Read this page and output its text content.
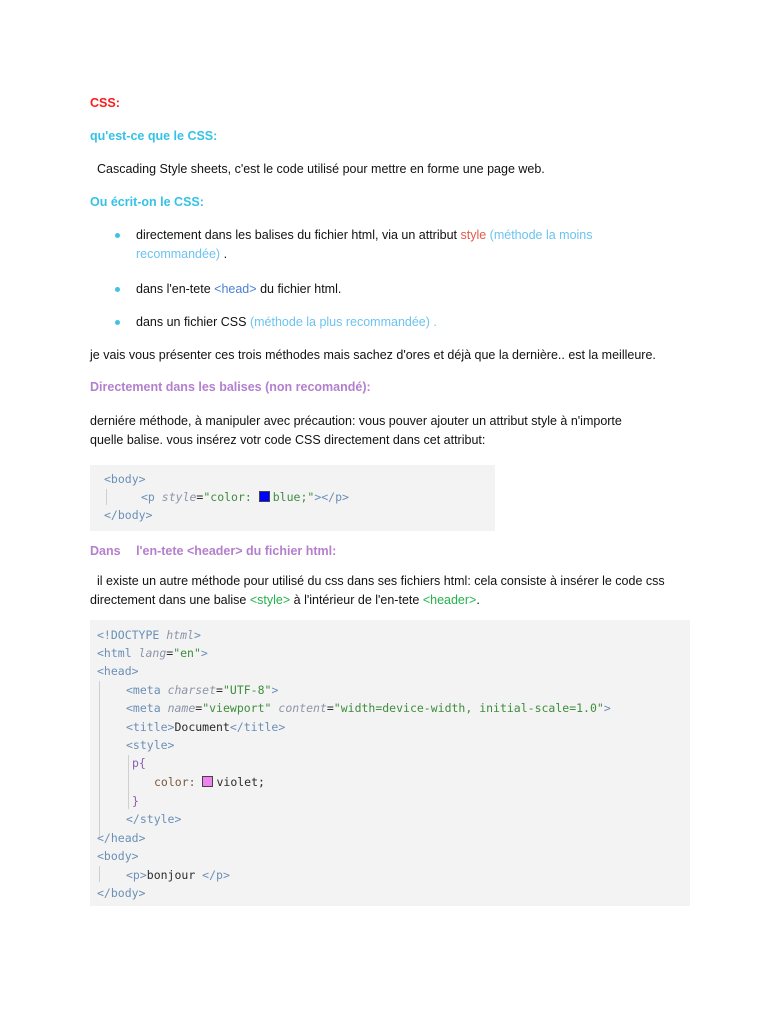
CSS:
qu'est-ce que le CSS:
Cascading Style sheets, c'est le code utilisé pour mettre en forme une page web.
Ou écrit-on le CSS:
directement dans les balises du fichier html, via un attribut style (méthode la moins
recommandée) .
dans l'en-tete <head> du fichier html.
dans un fichier CSS (méthode la plus recommandée) .
je vais vous présenter ces trois méthodes mais sachez d'ores et déjà que la dernière.. est la meilleure.
Directement dans les balises (non recomandé):
derniére méthode, à manipuler avec précaution: vous pouver ajouter un attribut style à n'importe
quelle balise. vous insérez votr code CSS directement dans cet attribut:
<body>
<p style="color: blue;"></p>
</body>
Dans l'en-tete <header> du fichier html:
il existe un autre méthode pour utilisé du css dans ses fichiers html: cela consiste à insérer le code css
directement dans une balise <style> à l'intérieur de l'en-tete <header>.
<!DOCTYPE html>
<html lang="en">
<head>
<meta charset="UTF-8">
<meta name="viewport" content="width=device-width, initial-scale=1.0">
<title>Document</title>
<style>
p{
color: violet;
}
</style>
</head>
<body>
<p>bonjour </p>
</body>
